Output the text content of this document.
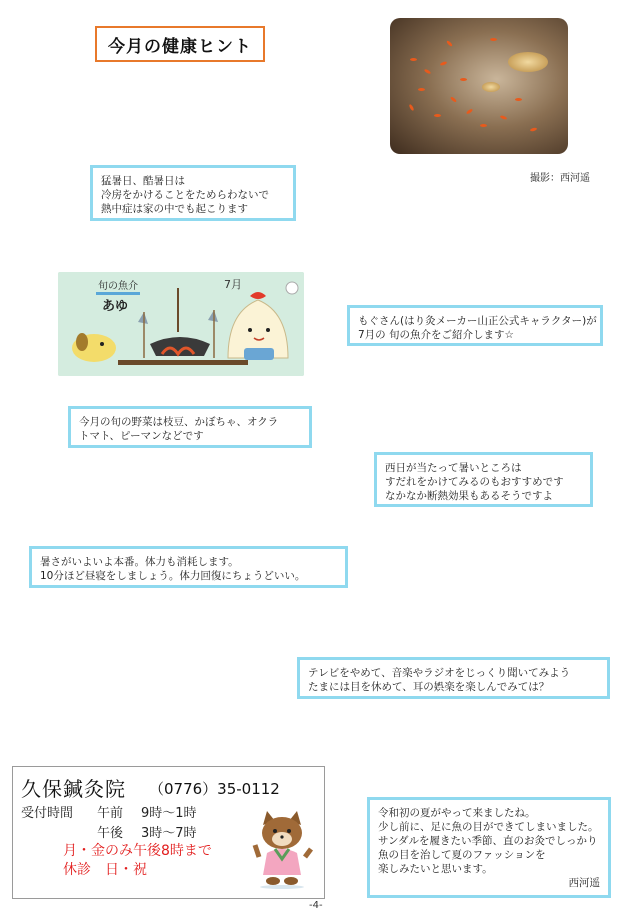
今月の健康ヒント
撮影：西河遥
猛暑日、酷暑日は
冷房をかけることをためらわないで
熱中症は家の中でも起こります
旬の魚介
あゆ
7月
もぐさん(はり灸メーカー山正公式キャラクター)が
7月の 旬の魚介をご紹介します☆
今月の旬の野菜は枝豆、かぼちゃ、オクラ
トマト、ピーマンなどです
西日が当たって暑いところは
すだれをかけてみるのもおすすめです
なかなか断熱効果もあるそうですよ
暑さがいよいよ本番。体力も消耗します。
10分ほど昼寝をしましょう。体力回復にちょうどいい。
テレビをやめて、音楽やラジオをじっくり聞いてみよう
たまには目を休めて、耳の娯楽を楽しんでみては？
久保鍼灸院 （0776）35-0112
受付時間 午前 9時～1時
午後 3時～7時
月・金のみ午後8時まで
休診　日・祝
令和初の夏がやって来ましたね。
少し前に、足に魚の目ができてしまいました。
サンダルを履きたい季節、直のお灸でしっかり
魚の目を治して夏のファッションを
楽しみたいと思います。
西河遥
-4-
